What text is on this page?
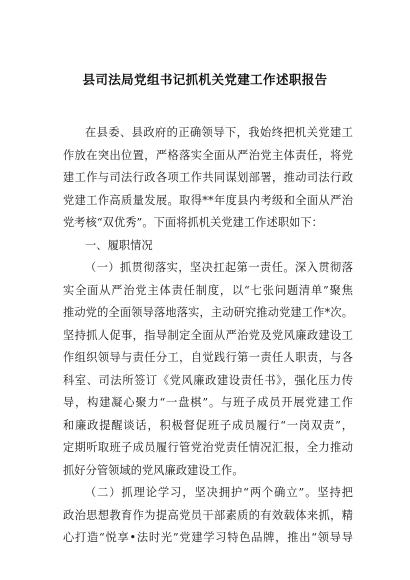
县司法局党组书记抓机关党建工作述职报告
在县委、县政府的正确领导下，我始终把机关党建工
作放在突出位置，严格落实全面从严治党主体责任，将党
建工作与司法行政各项工作共同谋划部署，推动司法行政
党建工作高质量发展。取得**年度县内考级和全面从严治
党考核“双优秀”。下面将抓机关党建工作述职如下：
一、履职情况
（一）抓贯彻落实，坚决扛起第一责任。深入贯彻落
实全面从严治党主体责任制度，以“七张问题清单”聚焦
推动党的全面领导落地落实，主动研究推动党建工作*次。
坚持抓人促事，指导制定全面从严治党及党风廉政建设工
作组织领导与责任分工，自觉践行第一责任人职责，与各
科室、司法所签订《党风廉政建设责任书》，强化压力传
导，构建凝心聚力“一盘棋”。与班子成员开展党建工作
和廉政提醒谈话，积极督促班子成员履行“一岗双责”，
定期听取班子成员履行管党治党责任情况汇报，全力推动
抓好分管领域的党风廉政建设工作。
（二）抓理论学习，坚决拥护“两个确立”。坚持把
政治思想教育作为提高党员干部素质的有效载体来抓，精
心打造“悦享•法时光”党建学习特色品牌，推出“领导导
